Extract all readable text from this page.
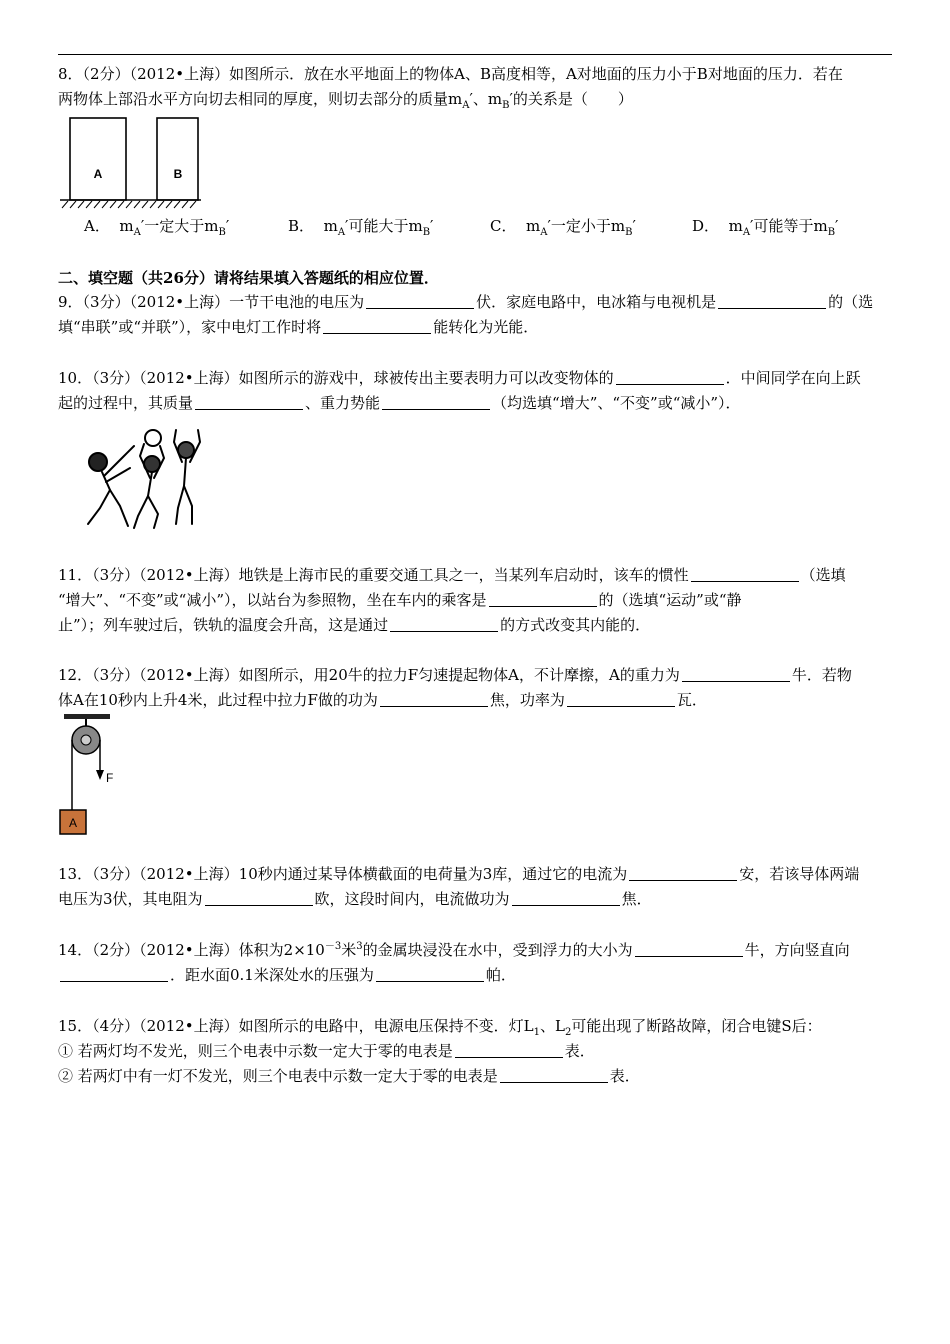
8．（2分）（2012•上海）如图所示．放在水平地面上的物体A、B高度相等，A对地面的压力小于B对地面的压力．若在
两物体上部沿水平方向切去相同的厚度，则切去部分的质量$m_A'$、$m_B'$的关系是（　　）
A	B
A． $m_A'$一定大于$m_B'$	B． $m_A'$可能大于$m_B'$	C． $m_A'$一定小于$m_B'$	D． $m_A'$可能等于$m_B'$
二、填空题（共26分）请将结果填入答题纸的相应位置．
9．（3分）（2012•上海）一节干电池的电压为	伏．家庭电路中，电冰箱与电视机是	的（选
填“串联”或“并联”），家中电灯工作时将	能转化为光能．
10．（3分）（2012•上海）如图所示的游戏中，球被传出主要表明力可以改变物体的	．中间同学在向上跃
起的过程中，其质量	、重力势能	（均选填“增大”、“不变”或“减小”）．
11．（3分）（2012•上海）地铁是上海市民的重要交通工具之一，当某列车启动时，该车的惯性	（选填
“增大”、“不变”或“减小”），以站台为参照物，坐在车内的乘客是	的（选填“运动”或“静
止”）；列车驶过后，铁轨的温度会升高，这是通过	的方式改变其内能的．
12．（3分）（2012•上海）如图所示，用20牛的拉力F匀速提起物体A，不计摩擦，A的重力为	牛．若物
体A在10秒内上升4米，此过程中拉力F做的功为	焦，功率为	瓦．
F
A
13．（3分）（2012•上海）10秒内通过某导体横截面的电荷量为3库，通过它的电流为	安，若该导体两端
电压为3伏，其电阻为	欧，这段时间内，电流做功为	焦．
14．（2分）（2012•上海）体积为$2\times 10^{-3}$米$^3$的金属块浸没在水中，受到浮力的大小为	牛，方向竖直向
．距水面0.1米深处水的压强为	帕．
15．（4分）（2012•上海）如图所示的电路中，电源电压保持不变．灯$L_1$、$L_2$可能出现了断路故障，闭合电键S后：
① 若两灯均不发光，则三个电表中示数一定大于零的电表是	表．
② 若两灯中有一灯不发光，则三个电表中示数一定大于零的电表是	表．
